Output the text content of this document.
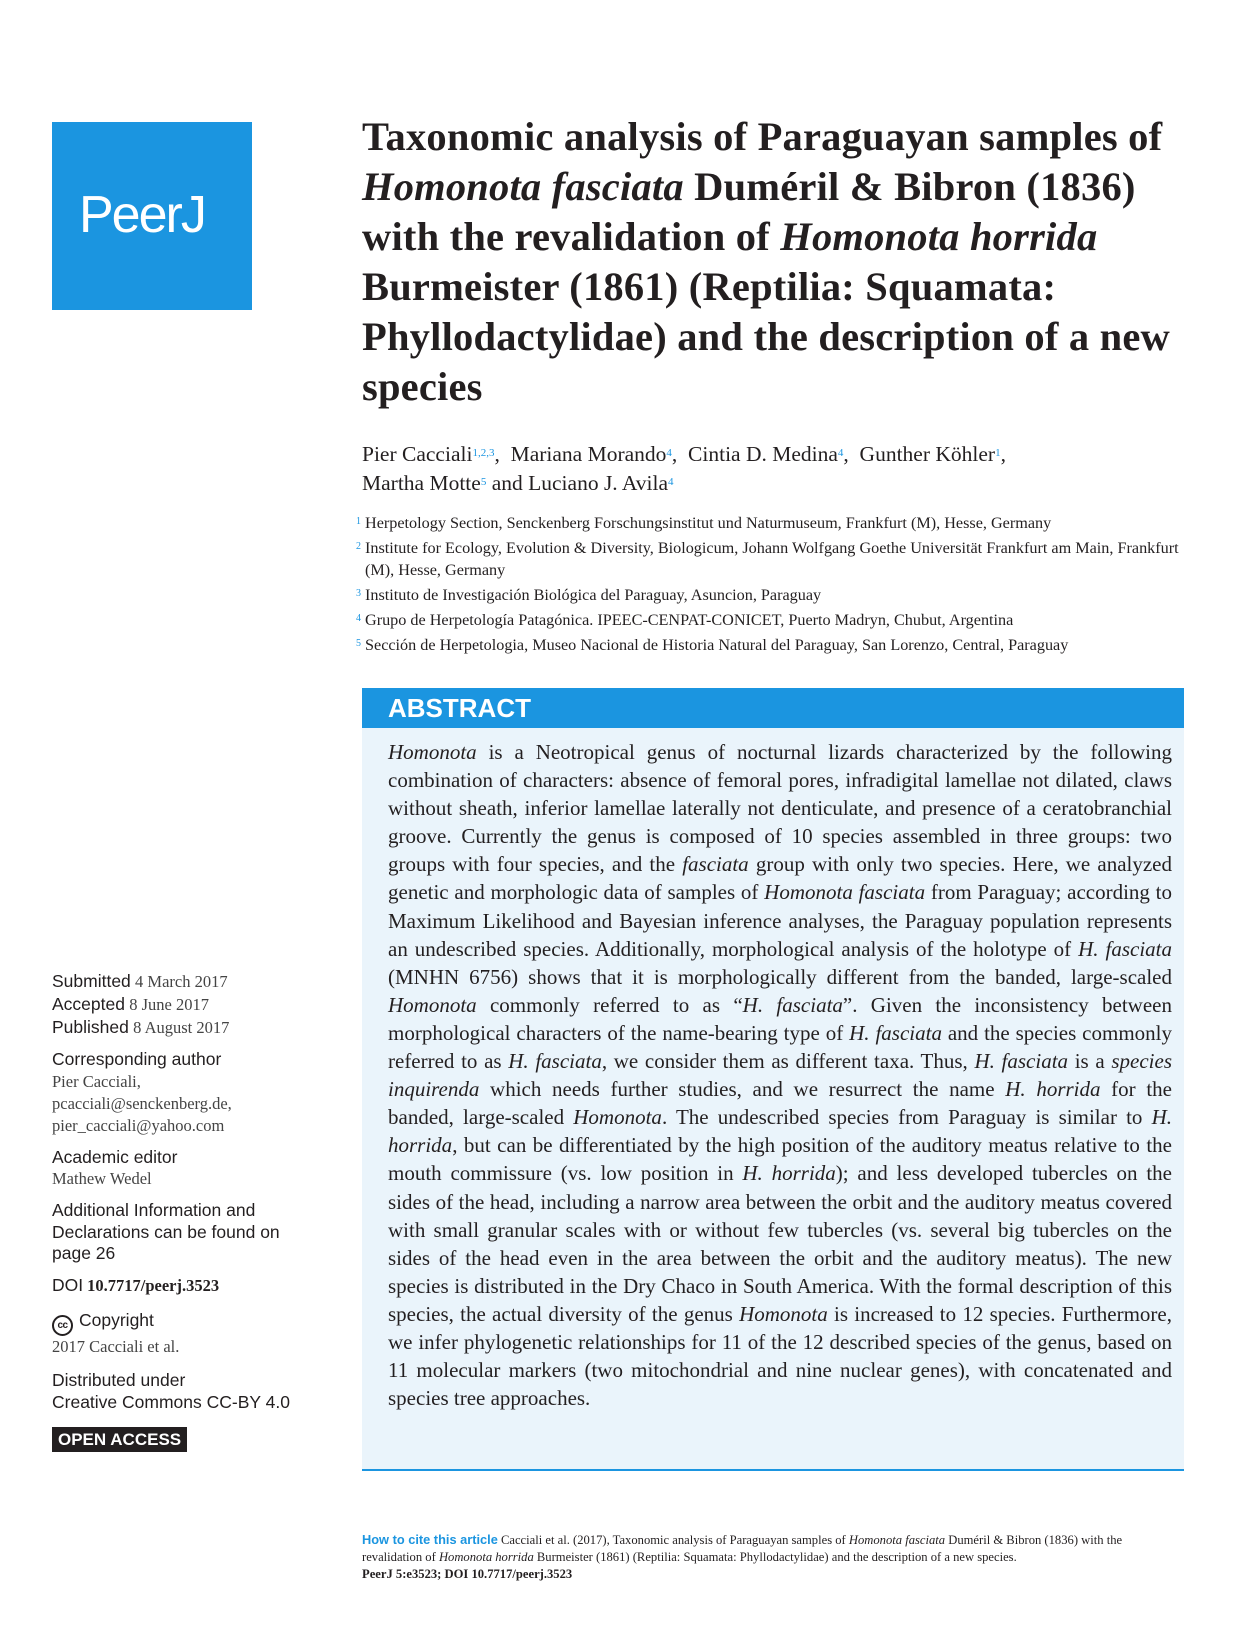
PeerJ
Taxonomic analysis of Paraguayan samples of Homonota fasciata Duméril & Bibron (1836) with the revalidation of Homonota horrida Burmeister (1861) (Reptilia: Squamata: Phyllodactylidae) and the description of a new species
Pier Cacciali$^{1,2,3}$,  Mariana Morando$^4$,  Cintia D. Medina$^4$,  Gunther Köhler$^1$,
Martha Motte$^5$ and Luciano J. Avila$^4$
1 Herpetology Section, Senckenberg Forschungsinstitut und Naturmuseum, Frankfurt (M), Hesse, Germany
2 Institute for Ecology, Evolution & Diversity, Biologicum, Johann Wolfgang Goethe Universität Frankfurt am Main, Frankfurt (M), Hesse, Germany
3 Instituto de Investigación Biológica del Paraguay, Asuncion, Paraguay
4 Grupo de Herpetología Patagónica. IPEEC-CENPAT-CONICET, Puerto Madryn, Chubut, Argentina
5 Sección de Herpetologia, Museo Nacional de Historia Natural del Paraguay, San Lorenzo, Central, Paraguay
ABSTRACT
Homonota is a Neotropical genus of nocturnal lizards characterized by the following combination of characters: absence of femoral pores, infradigital lamellae not dilated, claws without sheath, inferior lamellae laterally not denticulate, and presence of a ceratobranchial groove. Currently the genus is composed of 10 species assembled in three groups: two groups with four species, and the fasciata group with only two species. Here, we analyzed genetic and morphologic data of samples of Homonota fasciata from Paraguay; according to Maximum Likelihood and Bayesian inference analyses, the Paraguay population represents an undescribed species. Additionally, morphological analysis of the holotype of H. fasciata (MNHN 6756) shows that it is morphologically different from the banded, large-scaled Homonota commonly referred to as “H. fasciata”. Given the inconsistency between morphological characters of the name-bearing type of H. fasciata and the species commonly referred to as H. fasciata, we consider them as different taxa. Thus, H. fasciata is a species inquirenda which needs further studies, and we resurrect the name H. horrida for the banded, large-scaled Homonota. The undescribed species from Paraguay is similar to H. horrida, but can be differentiated by the high position of the auditory meatus relative to the mouth commissure (vs. low position in H. horrida); and less developed tubercles on the sides of the head, including a narrow area between the orbit and the auditory meatus covered with small granular scales with or without few tubercles (vs. several big tubercles on the sides of the head even in the area between the orbit and the auditory meatus). The new species is distributed in the Dry Chaco in South America. With the formal description of this species, the actual diversity of the genus Homonota is increased to 12 species. Furthermore, we infer phylogenetic relationships for 11 of the 12 described species of the genus, based on 11 molecular markers (two mitochondrial and nine nuclear genes), with concatenated and species tree approaches.
Submitted 4 March 2017
Accepted 8 June 2017
Published 8 August 2017
Corresponding author
Pier Cacciali,
pcacciali@senckenberg.de,
pier_cacciali@yahoo.com
Academic editor
Mathew Wedel
Additional Information and
Declarations can be found on
page 26
DOI 10.7717/peerj.3523
cc Copyright
2017 Cacciali et al.
Distributed under
Creative Commons CC-BY 4.0
OPEN ACCESS
How to cite this article Cacciali et al. (2017), Taxonomic analysis of Paraguayan samples of Homonota fasciata Duméril & Bibron (1836) with the revalidation of Homonota horrida Burmeister (1861) (Reptilia: Squamata: Phyllodactylidae) and the description of a new species.
PeerJ 5:e3523; DOI 10.7717/peerj.3523
